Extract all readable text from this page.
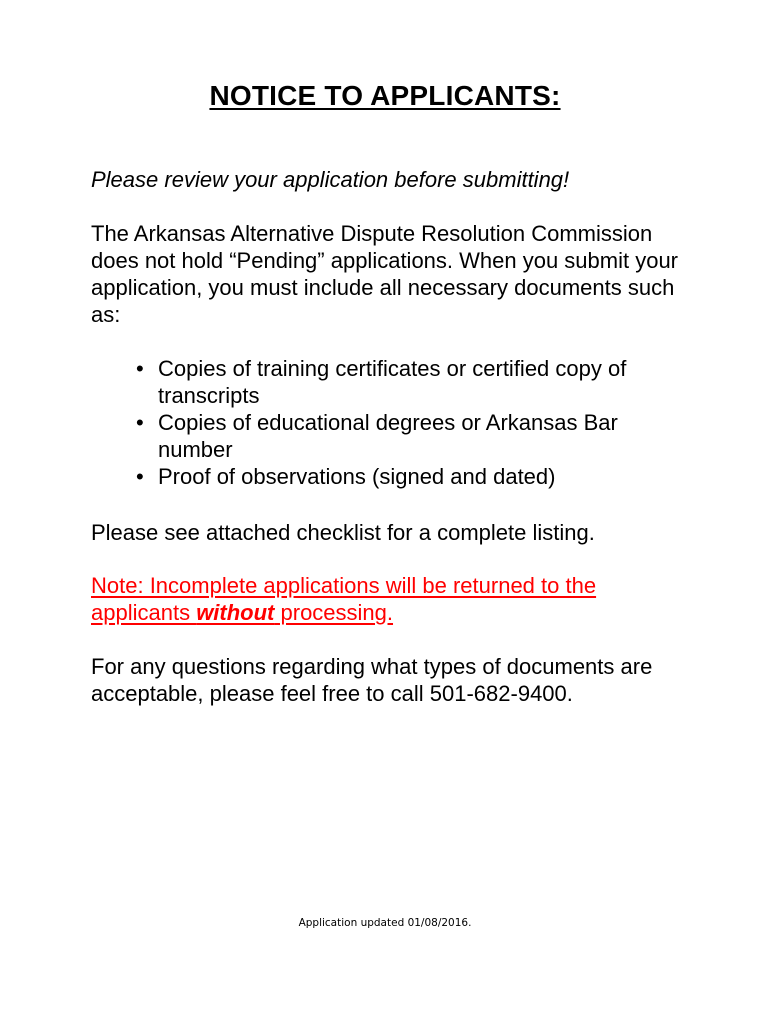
NOTICE TO APPLICANTS:
Please review your application before submitting!
The Arkansas Alternative Dispute Resolution Commission does not hold “Pending” applications. When you submit your application, you must include all necessary documents such as:
• Copies of training certificates or certified copy of transcripts
• Copies of educational degrees or Arkansas Bar number
• Proof of observations (signed and dated)
Please see attached checklist for a complete listing.
Note: Incomplete applications will be returned to the applicants without processing.
For any questions regarding what types of documents are acceptable, please feel free to call 501-682-9400.
Application updated 01/08/2016.
